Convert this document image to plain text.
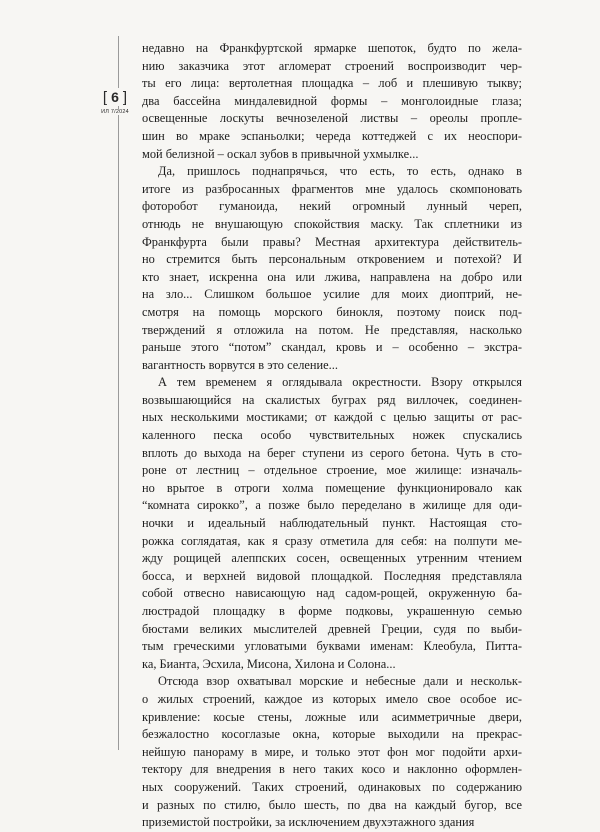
[ 6 ]
ИЛ 7/2024
недавно на Франкфуртской ярмарке шепоток, будто по жела-
нию заказчика этот агломерат строений воспроизводит чер-
ты его лица: вертолетная площадка – лоб и плешивую тыкву;
два бассейна миндалевидной формы – монголоидные глаза;
освещенные лоскуты вечнозеленой листвы – ореолы пропле-
шин во мраке эспаньолки; череда коттеджей с их неоспори-
мой белизной – оскал зубов в привычной ухмылке...
Да, пришлось поднапрячься, что есть, то есть, однако в
итоге из разбросанных фрагментов мне удалось скомпоновать
фоторобот гуманоида, некий огромный лунный череп,
отнюдь не внушающую спокойствия маску. Так сплетники из
Франкфурта были правы? Местная архитектура действитель-
но стремится быть персональным откровением и потехой? И
кто знает, искренна она или лжива, направлена на добро или
на зло... Слишком большое усилие для моих диоптрий, не-
смотря на помощь морского бинокля, поэтому поиск под-
тверждений я отложила на потом. Не представляя, насколько
раньше этого “потом” скандал, кровь и – особенно – экстра-
вагантность ворвутся в это селение...
А тем временем я оглядывала окрестности. Взору открылся
возвышающийся на скалистых буграх ряд виллочек, соединен-
ных несколькими мостиками; от каждой с целью защиты от рас-
каленного песка особо чувствительных ножек спускались
вплоть до выхода на берег ступени из серого бетона. Чуть в сто-
роне от лестниц – отдельное строение, мое жилище: изначаль-
но врытое в отроги холма помещение функционировало как
“комната сирокко”, а позже было переделано в жилище для оди-
ночки и идеальный наблюдательный пункт. Настоящая сто-
рожка соглядатая, как я сразу отметила для себя: на полпути ме-
жду рощицей алеппских сосен, освещенных утренним чтением
босса, и верхней видовой площадкой. Последняя представляла
собой отвесно нависающую над садом-рощей, окруженную ба-
люстрадой площадку в форме подковы, украшенную семью
бюстами великих мыслителей древней Греции, судя по выби-
тым греческими угловатыми буквами именам: Клеобула, Питта-
ка, Бианта, Эсхила, Мисона, Хилона и Солона...
Отсюда взор охватывал морские и небесные дали и нескольк-
о жилых строений, каждое из которых имело свое особое ис-
кривление: косые стены, ложные или асимметричные двери,
безжалостно косоглазые окна, которые выходили на прекрас-
нейшую панораму в мире, и только этот фон мог подойти архи-
тектору для внедрения в него таких косо и наклонно оформлен-
ных сооружений. Таких строений, одинаковых по содержанию
и разных по стилю, было шесть, по два на каждый бугор, все
приземистой постройки, за исключением двухэтажного здания
